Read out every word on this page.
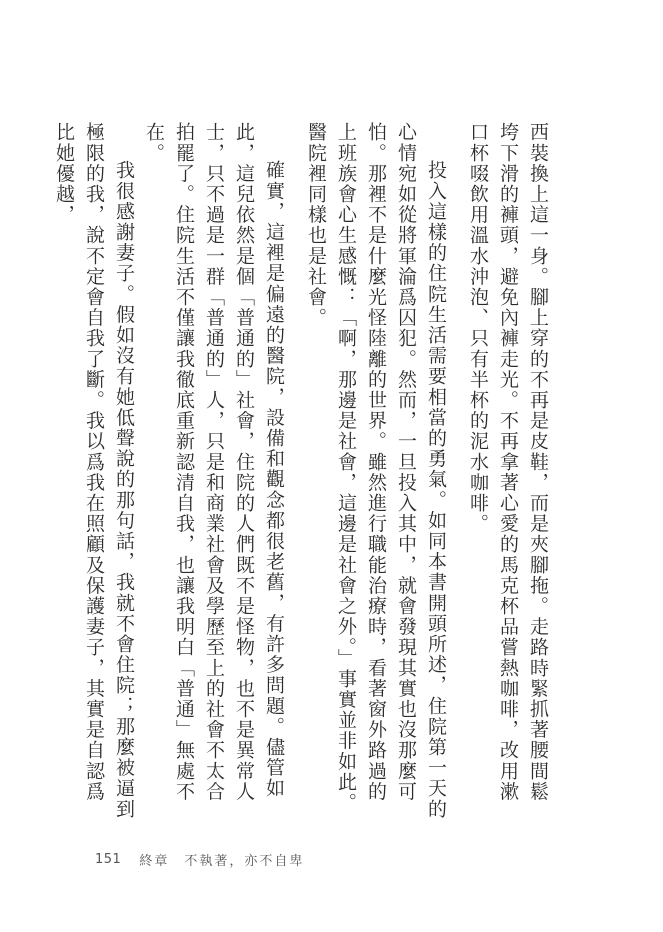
西裝換上這一身。腳上穿的不再是皮鞋，而是夾腳拖。走路時緊抓著腰間鬆垮下滑的褲頭，避免內褲走光。不再拿著心愛的馬克杯品嘗熱咖啡，改用漱口杯啜飲用溫水沖泡、只有半杯的泥水咖啡。

投入這樣的住院生活需要相當的勇氣。如同本書開頭所述，住院第一天的心情宛如從將軍淪爲囚犯。然而，一旦投入其中，就會發現其實也沒那麼可怕。那裡不是什麼光怪陸離的世界。雖然進行職能治療時，看著窗外路過的上班族會心生感慨：「啊，那邊是社會，這邊是社會之外。」事實並非如此。醫院裡同樣也是社會。

確實，這裡是偏遠的醫院，設備和觀念都很老舊，有許多問題。儘管如此，這兒依然是個「普通的」社會，住院的人們既不是怪物，也不是異常人士，只不過是一群「普通的」人，只是和商業社會及學歷至上的社會不太合拍罷了。住院生活不僅讓我徹底重新認清自我，也讓我明白「普通」無處不在。

我很感謝妻子。假如沒有她低聲說的那句話，我就不會住院；那麼被逼到極限的我，說不定會自我了斷。我以爲我在照顧及保護妻子，其實是自認爲比她優越，

151 終章　不執著，亦不自卑
